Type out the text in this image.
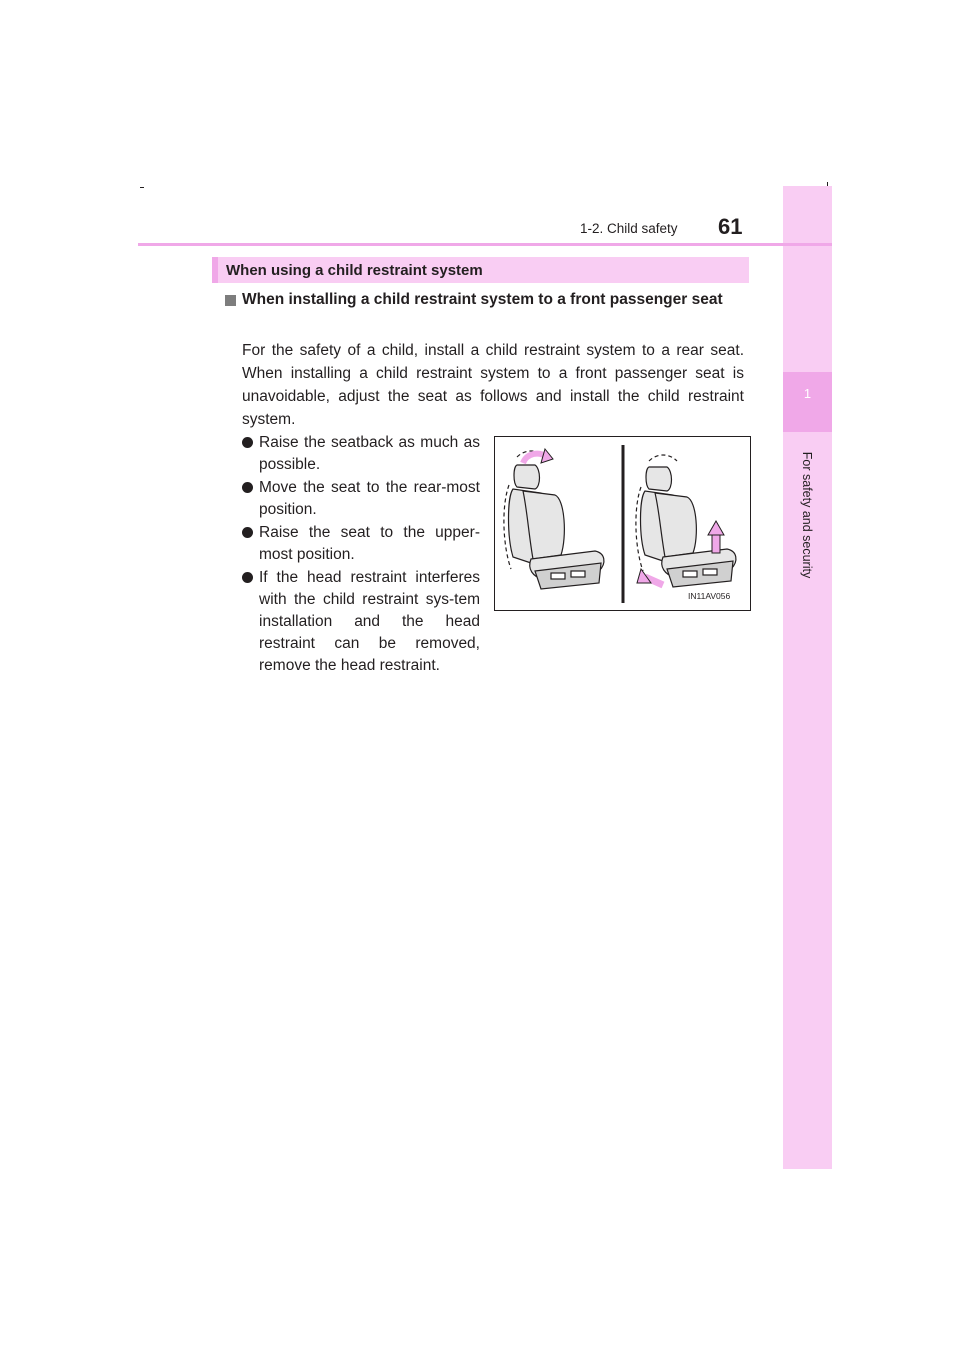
1
For safety and security
1-2. Child safety 61
When using a child restraint system
When installing a child restraint system to a front passenger seat
For the safety of a child, install a child restraint system to a rear seat. When installing a child restraint system to a front passenger seat is unavoidable, adjust the seat as follows and install the child restraint system.
Raise the seatback as much as possible.
Move the seat to the rear-most position.
Raise the seat to the upper-most position.
If the head restraint interferes with the child restraint sys-tem installation and the head restraint can be removed, remove the head restraint.
IN11AV056
